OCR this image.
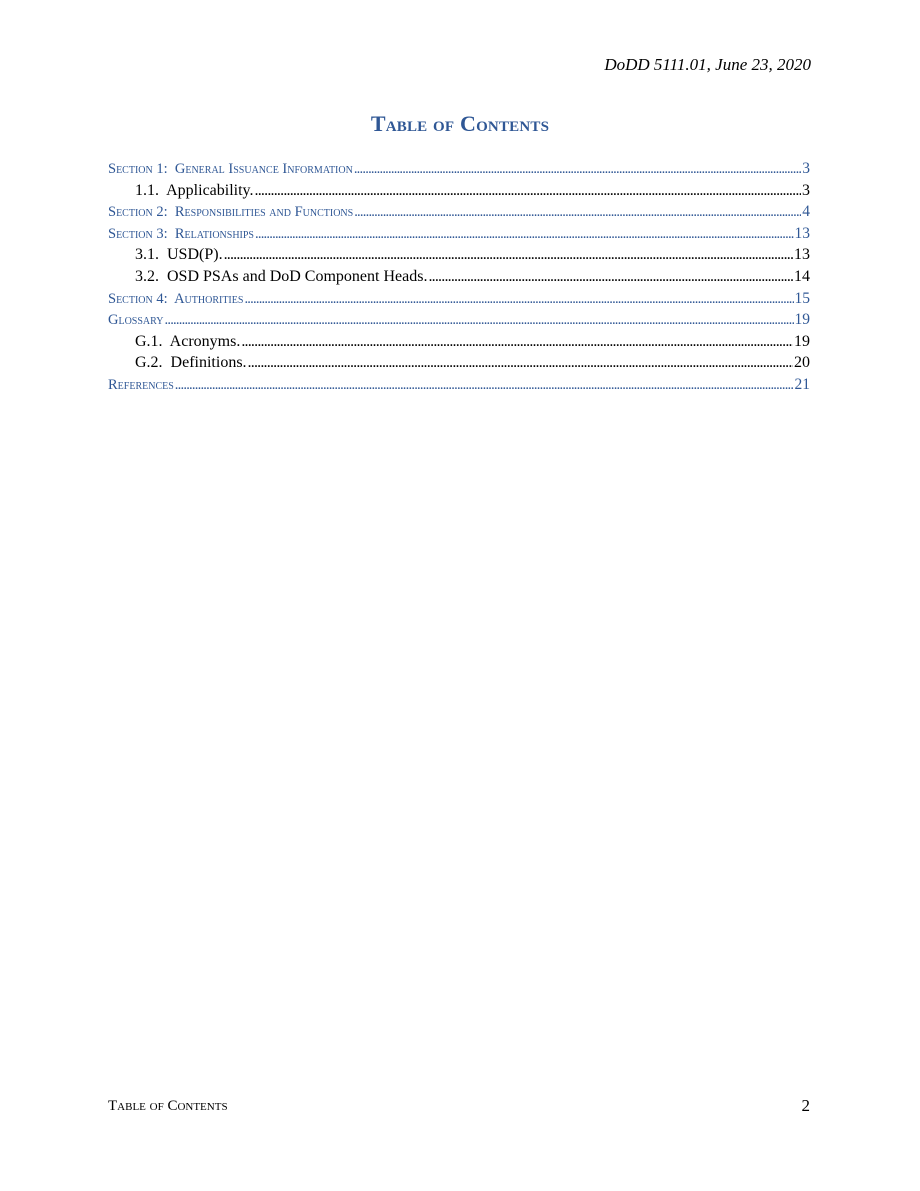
DoDD 5111.01, June 23, 2020
Table of Contents
Section 1:  General Issuance Information . . .	3
1.1.  Applicability. . . .	3
Section 2:  Responsibilities and Functions . . .	4
Section 3:  Relationships . . .	13
3.1.  USD(P). . . .	13
3.2.  OSD PSAs and DoD Component Heads. . . .	14
Section 4:  Authorities . . .	15
Glossary . . .	19
G.1.  Acronyms. . . .	19
G.2.  Definitions. . . .	20
References . . .	21
Table of Contents	2
